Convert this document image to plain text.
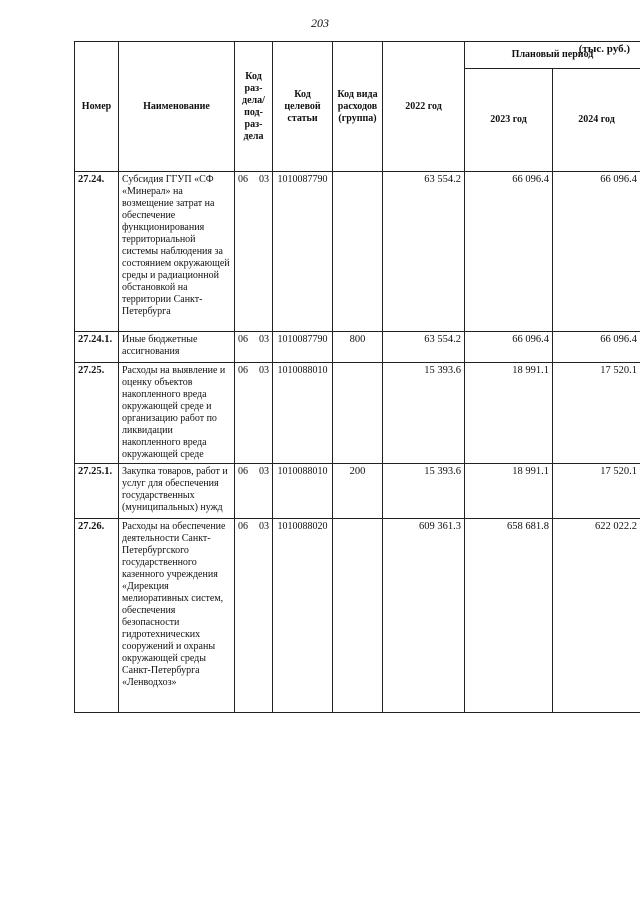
203
(тыс. руб.)
Номер	Наименование	Код раз- дела/ под- раз- дела	Код целевой статьи	Код вида расходов (группа)	2022 год	Плановый период	
						2023 год	2024 год
27.24.	Субсидия ГГУП «СФ «Минерал» на возмещение затрат на обеспечение функционирования территориальной системы наблюдения за состоянием окружающей среды и радиационной обстановкой на территории Санкт-Петербурга	06 03	1010087790		63 554.2	66 096.4	66 096.4
27.24.1.	Иные бюджетные ассигнования	06 03	1010087790	800	63 554.2	66 096.4	66 096.4
27.25.	Расходы на выявление и оценку объектов накопленного вреда окружающей среде и организацию работ по ликвидации накопленного вреда окружающей среде	06 03	1010088010		15 393.6	18 991.1	17 520.1
27.25.1.	Закупка товаров, работ и услуг для обеспечения государственных (муниципальных) нужд	06 03	1010088010	200	15 393.6	18 991.1	17 520.1
27.26.	Расходы на обеспечение деятельности Санкт-Петербургского государственного казенного учреждения «Дирекция мелиоративных систем, обеспечения безопасности гидротехнических сооружений и охраны окружающей среды Санкт-Петербурга «Ленводхоз»	06 03	1010088020		609 361.3	658 681.8	622 022.2
